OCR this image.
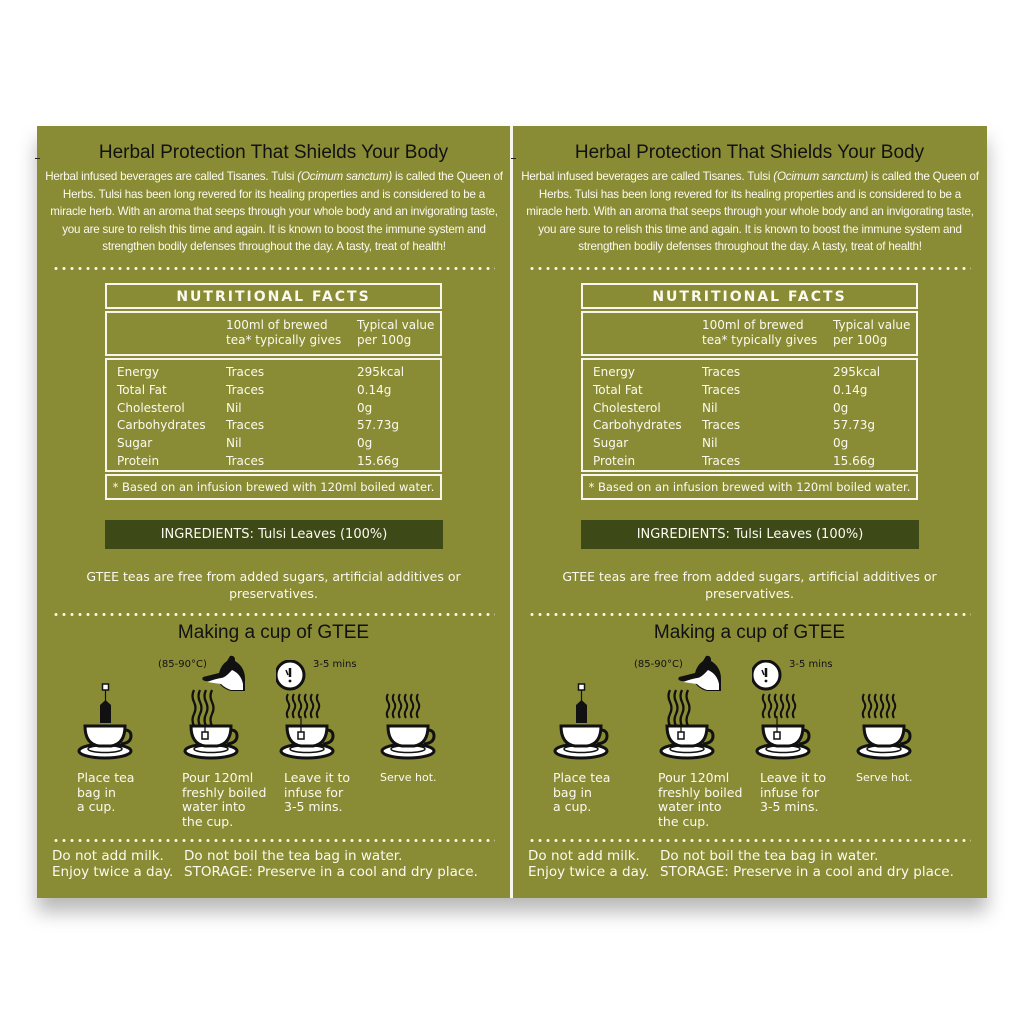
Herbal Protection That Shields Your Body
Herbal infused beverages are called Tisanes. Tulsi (Ocimum sanctum) is called the Queen of Herbs. Tulsi has been long revered for its healing properties and is considered to be a miracle herb. With an aroma that seeps through your whole body and an invigorating taste, you are sure to relish this time and again. It is known to boost the immune system and strengthen bodily defenses throughout the day. A tasty, treat of health!
NUTRITIONAL FACTS
100ml of brewed tea* typically gives
Typical value per 100g
Energy	Traces	295kcal
Total Fat	Traces	0.14g
Cholesterol	Nil	0g
Carbohydrates Traces	57.73g
Sugar	Nil	0g
Protein	Traces	15.66g
* Based on an infusion brewed with 120ml boiled water.
INGREDIENTS: Tulsi Leaves (100%)
GTEE teas are free from added sugars, artificial additives or preservatives.
Making a cup of GTEE
(85-90°C)	3-5 mins
Place tea
bag in
a cup.
Pour 120ml
freshly boiled
water into
the cup.
Leave it to
infuse for
3-5 mins.
Serve hot.
Do not add milk.
Enjoy twice a day.
Do not boil the tea bag in water.
STORAGE: Preserve in a cool and dry place.
Herbal Protection That Shields Your Body
Herbal infused beverages are called Tisanes. Tulsi (Ocimum sanctum) is called the Queen of Herbs. Tulsi has been long revered for its healing properties and is considered to be a miracle herb. With an aroma that seeps through your whole body and an invigorating taste, you are sure to relish this time and again. It is known to boost the immune system and strengthen bodily defenses throughout the day. A tasty, treat of health!
NUTRITIONAL FACTS
100ml of brewed tea* typically gives
Typical value per 100g
Energy	Traces	295kcal
Total Fat	Traces	0.14g
Cholesterol	Nil	0g
Carbohydrates Traces	57.73g
Sugar	Nil	0g
Protein	Traces	15.66g
* Based on an infusion brewed with 120ml boiled water.
INGREDIENTS: Tulsi Leaves (100%)
GTEE teas are free from added sugars, artificial additives or preservatives.
Making a cup of GTEE
(85-90°C)	3-5 mins
Place tea
bag in
a cup.
Pour 120ml
freshly boiled
water into
the cup.
Leave it to
infuse for
3-5 mins.
Serve hot.
Do not add milk.
Enjoy twice a day.
Do not boil the tea bag in water.
STORAGE: Preserve in a cool and dry place.
